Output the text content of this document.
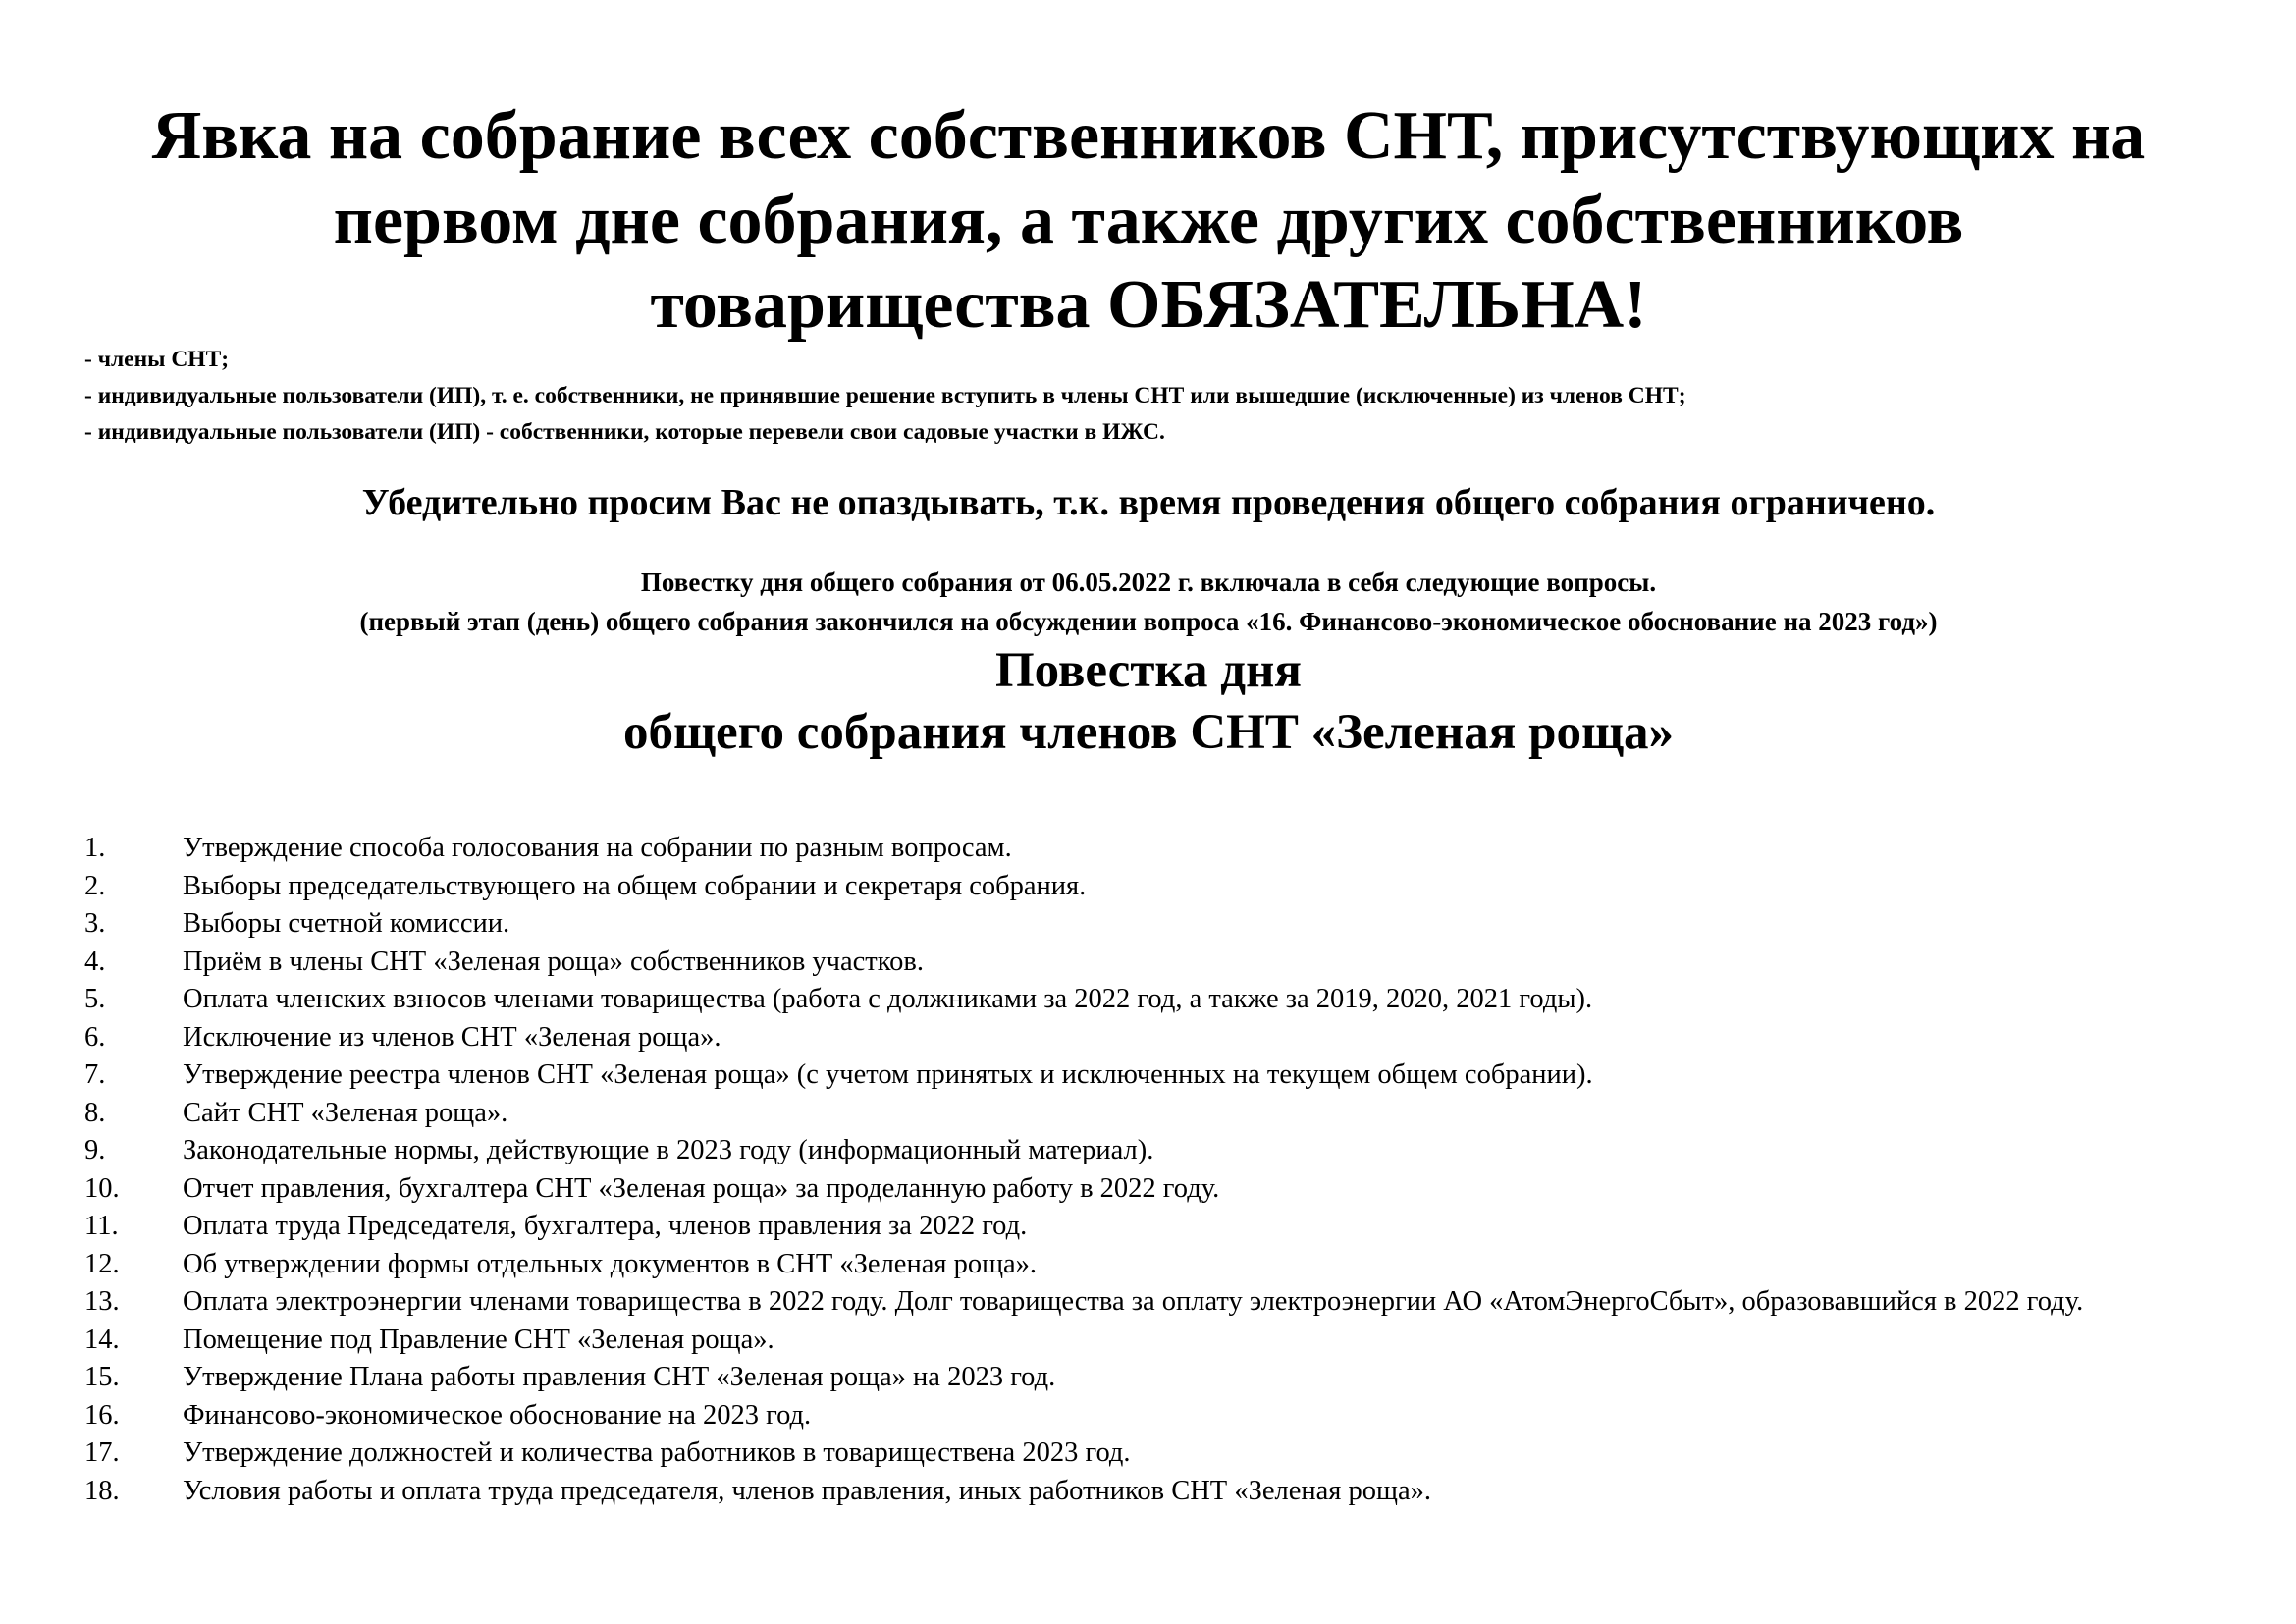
Явка на собрание всех собственников СНТ, присутствующих на
первом дне собрания, а также других собственников
товарищества ОБЯЗАТЕЛЬНА!
- члены СНТ;
- индивидуальные пользователи (ИП), т. е. собственники, не принявшие решение вступить в члены СНТ или вышедшие (исключенные) из членов СНТ;
- индивидуальные пользователи (ИП) - собственники, которые перевели свои садовые участки в ИЖС.
Убедительно просим Вас не опаздывать, т.к. время проведения общего собрания ограничено.
Повестку дня общего собрания от 06.05.2022 г. включала в себя следующие вопросы.
(первый этап (день) общего собрания закончился на обсуждении вопроса «16. Финансово-экономическое обоснование на 2023 год»)
Повестка дня
общего собрания членов СНТ «Зеленая роща»
1.	Утверждение способа голосования на собрании по разным вопросам.
2.	Выборы председательствующего на общем собрании и секретаря собрания.
3.	Выборы счетной комиссии.
4.	Приём в члены СНТ «Зеленая роща» собственников участков.
5.	Оплата членских взносов членами товарищества (работа с должниками за 2022 год, а также за 2019, 2020, 2021 годы).
6.	Исключение из членов СНТ «Зеленая роща».
7.	Утверждение реестра членов СНТ «Зеленая роща» (с учетом принятых и исключенных на текущем общем собрании).
8.	Сайт СНТ «Зеленая роща».
9.	Законодательные нормы, действующие в 2023 году (информационный материал).
10.	Отчет правления, бухгалтера СНТ «Зеленая роща» за проделанную работу в 2022 году.
11.	Оплата труда Председателя, бухгалтера, членов правления за 2022 год.
12.	Об утверждении формы отдельных документов в СНТ «Зеленая роща».
13.	Оплата электроэнергии членами товарищества в 2022 году. Долг товарищества за оплату электроэнергии АО «АтомЭнергоСбыт», образовавшийся в 2022 году.
14.	Помещение под Правление СНТ «Зеленая роща».
15.	Утверждение Плана работы правления СНТ «Зеленая роща» на 2023 год.
16.	Финансово-экономическое обоснование на 2023 год.
17.	Утверждение должностей и количества работников в товариществена 2023 год.
18.	Условия работы и оплата труда председателя, членов правления, иных работников СНТ «Зеленая роща».
